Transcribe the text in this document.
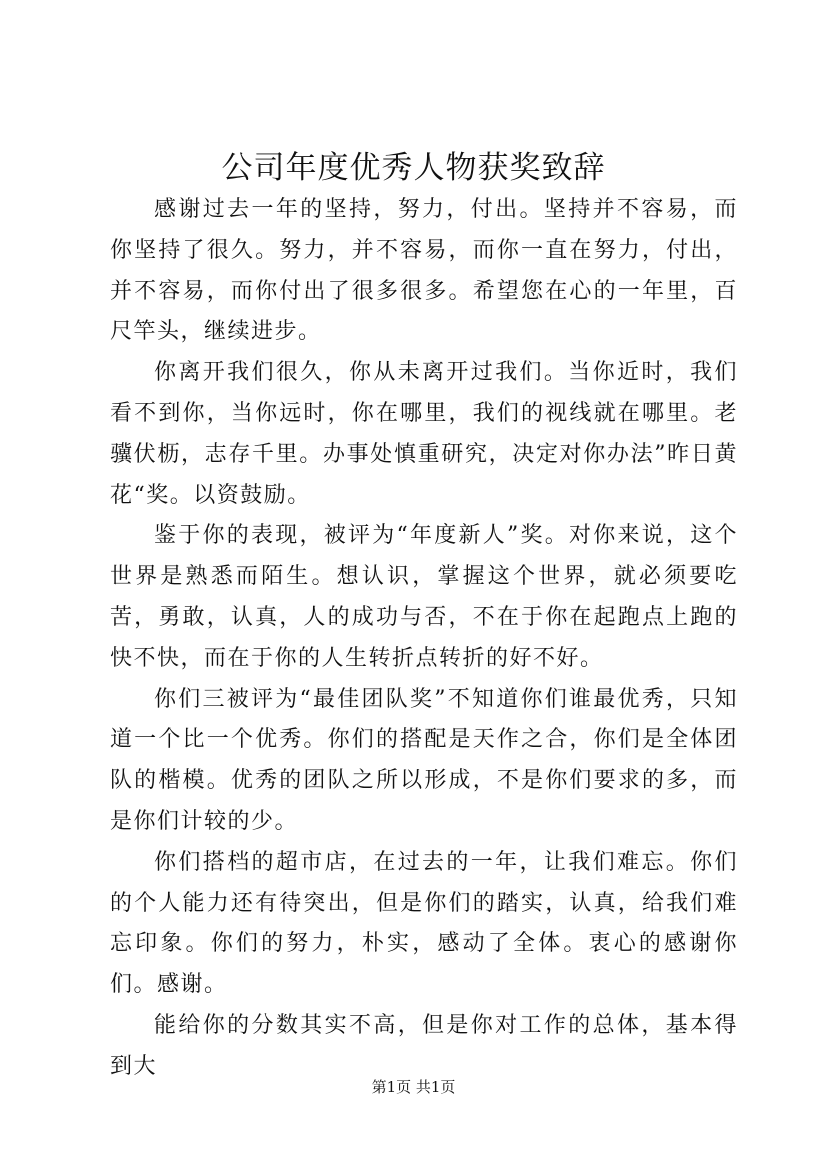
公司年度优秀人物获奖致辞

感谢过去一年的坚持，努力，付出。坚持并不容易，而你坚持了很久。努力，并不容易，而你一直在努力，付出，并不容易，而你付出了很多很多。希望您在心的一年里，百尺竿头，继续进步。

你离开我们很久，你从未离开过我们。当你近时，我们看不到你，当你远时，你在哪里，我们的视线就在哪里。老骥伏枥，志存千里。办事处慎重研究，决定对你办法”昨日黄花“奖。以资鼓励。

鉴于你的表现，被评为“年度新人”奖。对你来说，这个世界是熟悉而陌生。想认识，掌握这个世界，就必须要吃苦，勇敢，认真，人的成功与否，不在于你在起跑点上跑的快不快，而在于你的人生转折点转折的好不好。

你们三被评为“最佳团队奖”不知道你们谁最优秀，只知道一个比一个优秀。你们的搭配是天作之合，你们是全体团队的楷模。优秀的团队之所以形成，不是你们要求的多，而是你们计较的少。

你们搭档的超市店，在过去的一年，让我们难忘。你们的个人能力还有待突出，但是你们的踏实，认真，给我们难忘印象。你们的努力，朴实，感动了全体。衷心的感谢你们。感谢。

能给你的分数其实不高，但是你对工作的总体，基本得到大

第1页 共1页
